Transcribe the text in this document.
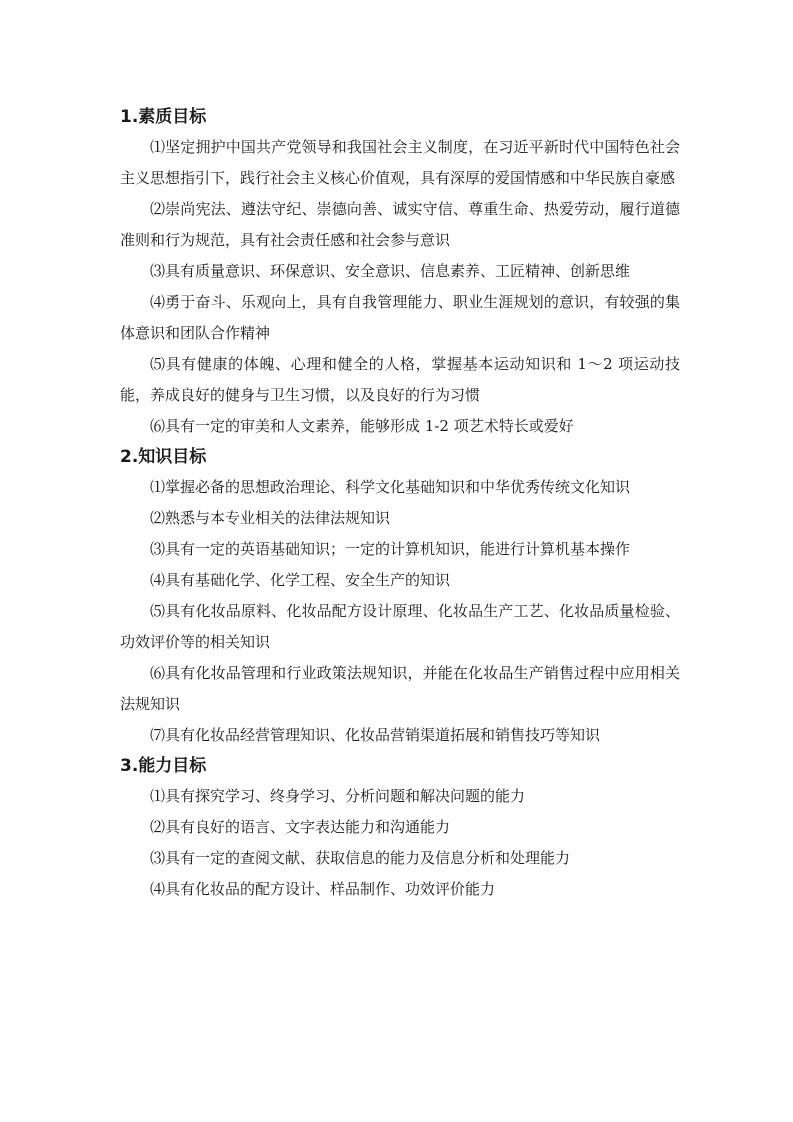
1.素质目标

⑴坚定拥护中国共产党领导和我国社会主义制度，在习近平新时代中国特色社会主义思想指引下，践行社会主义核心价值观，具有深厚的爱国情感和中华民族自豪感

⑵崇尚宪法、遵法守纪、崇德向善、诚实守信、尊重生命、热爱劳动，履行道德准则和行为规范，具有社会责任感和社会参与意识

⑶具有质量意识、环保意识、安全意识、信息素养、工匠精神、创新思维

⑷勇于奋斗、乐观向上，具有自我管理能力、职业生涯规划的意识，有较强的集体意识和团队合作精神

⑸具有健康的体魄、心理和健全的人格，掌握基本运动知识和 1～2 项运动技能，养成良好的健身与卫生习惯，以及良好的行为习惯

⑹具有一定的审美和人文素养，能够形成 1-2 项艺术特长或爱好

2.知识目标

⑴掌握必备的思想政治理论、科学文化基础知识和中华优秀传统文化知识

⑵熟悉与本专业相关的法律法规知识

⑶具有一定的英语基础知识；一定的计算机知识，能进行计算机基本操作

⑷具有基础化学、化学工程、安全生产的知识

⑸具有化妆品原料、化妆品配方设计原理、化妆品生产工艺、化妆品质量检验、功效评价等的相关知识

⑹具有化妆品管理和行业政策法规知识，并能在化妆品生产销售过程中应用相关法规知识

⑺具有化妆品经营管理知识、化妆品营销渠道拓展和销售技巧等知识

3.能力目标

⑴具有探究学习、终身学习、分析问题和解决问题的能力

⑵具有良好的语言、文字表达能力和沟通能力

⑶具有一定的查阅文献、获取信息的能力及信息分析和处理能力

⑷具有化妆品的配方设计、样品制作、功效评价能力
